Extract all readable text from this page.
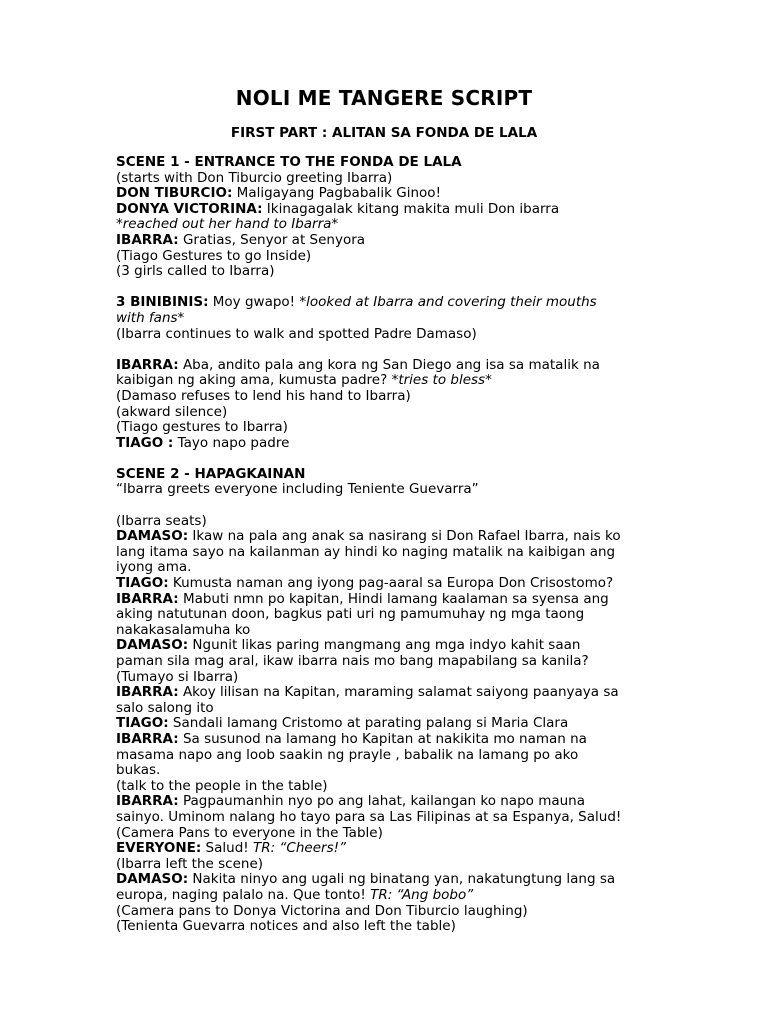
NOLI ME TANGERE SCRIPT
FIRST PART : ALITAN SA FONDA DE LALA
SCENE 1 - ENTRANCE TO THE FONDA DE LALA
(starts with Don Tiburcio greeting Ibarra)
DON TIBURCIO: Maligayang Pagbabalik Ginoo!
DONYA VICTORINA: Ikinagagalak kitang makita muli Don ibarra
*reached out her hand to Ibarra*
IBARRA: Gratias, Senyor at Senyora
(Tiago Gestures to go Inside)
(3 girls called to Ibarra)
3 BINIBINIS: Moy gwapo! *looked at Ibarra and covering their mouths
with fans*
(Ibarra continues to walk and spotted Padre Damaso)
IBARRA: Aba, andito pala ang kora ng San Diego ang isa sa matalik na
kaibigan ng aking ama, kumusta padre? *tries to bless*
(Damaso refuses to lend his hand to Ibarra)
(akward silence)
(Tiago gestures to Ibarra)
TIAGO : Tayo napo padre
SCENE 2 - HAPAGKAINAN
“Ibarra greets everyone including Teniente Guevarra”
(Ibarra seats)
DAMASO: Ikaw na pala ang anak sa nasirang si Don Rafael Ibarra, nais ko
lang itama sayo na kailanman ay hindi ko naging matalik na kaibigan ang
iyong ama.
TIAGO: Kumusta naman ang iyong pag-aaral sa Europa Don Crisostomo?
IBARRA: Mabuti nmn po kapitan, Hindi lamang kaalaman sa syensa ang
aking natutunan doon, bagkus pati uri ng pamumuhay ng mga taong
nakakasalamuha ko
DAMASO: Ngunit likas paring mangmang ang mga indyo kahit saan
paman sila mag aral, ikaw ibarra nais mo bang mapabilang sa kanila?
(Tumayo si Ibarra)
IBARRA: Akoy lilisan na Kapitan, maraming salamat saiyong paanyaya sa
salo salong ito
TIAGO: Sandali lamang Cristomo at parating palang si Maria Clara
IBARRA: Sa susunod na lamang ho Kapitan at nakikita mo naman na
masama napo ang loob saakin ng prayle , babalik na lamang po ako
bukas.
(talk to the people in the table)
IBARRA: Pagpaumanhin nyo po ang lahat, kailangan ko napo mauna
sainyo. Uminom nalang ho tayo para sa Las Filipinas at sa Espanya, Salud!
(Camera Pans to everyone in the Table)
EVERYONE: Salud! TR: “Cheers!”
(Ibarra left the scene)
DAMASO: Nakita ninyo ang ugali ng binatang yan, nakatungtung lang sa
europa, naging palalo na. Que tonto! TR: “Ang bobo”
(Camera pans to Donya Victorina and Don Tiburcio laughing)
(Tenienta Guevarra notices and also left the table)
